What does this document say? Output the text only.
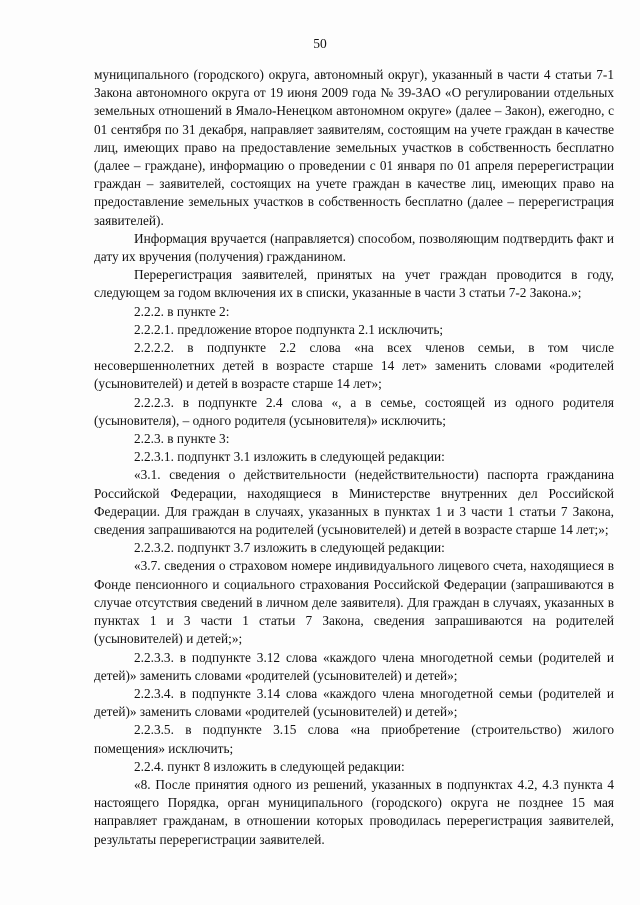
50

муниципального (городского) округа, автономный округ), указанный в части 4 статьи 7-1 Закона автономного округа от 19 июня 2009 года № 39-ЗАО «О регулировании отдельных земельных отношений в Ямало-Ненецком автономном округе» (далее – Закон), ежегодно, с 01 сентября по 31 декабря, направляет заявителям, состоящим на учете граждан в качестве лиц, имеющих право на предоставление земельных участков в собственность бесплатно (далее – граждане), информацию о проведении с 01 января по 01 апреля перерегистрации граждан – заявителей, состоящих на учете граждан в качестве лиц, имеющих право на предоставление земельных участков в собственность бесплатно (далее – перерегистрация заявителей).

Информация вручается (направляется) способом, позволяющим подтвердить факт и дату их вручения (получения) гражданином.

Перерегистрация заявителей, принятых на учет граждан проводится в году, следующем за годом включения их в списки, указанные в части 3 статьи 7-2 Закона.»;

2.2.2. в пункте 2:

2.2.2.1. предложение второе подпункта 2.1 исключить;

2.2.2.2. в подпункте 2.2 слова «на всех членов семьи, в том числе несовершеннолетних детей в возрасте старше 14 лет» заменить словами «родителей (усыновителей) и детей в возрасте старше 14 лет»;

2.2.2.3. в подпункте 2.4 слова «, а в семье, состоящей из одного родителя (усыновителя), – одного родителя (усыновителя)» исключить;

2.2.3. в пункте 3:

2.2.3.1. подпункт 3.1 изложить в следующей редакции:

«3.1. сведения о действительности (недействительности) паспорта гражданина Российской Федерации, находящиеся в Министерстве внутренних дел Российской Федерации. Для граждан в случаях, указанных в пунктах 1 и 3 части 1 статьи 7 Закона, сведения запрашиваются на родителей (усыновителей) и детей в возрасте старше 14 лет;»;

2.2.3.2. подпункт 3.7 изложить в следующей редакции:

«3.7. сведения о страховом номере индивидуального лицевого счета, находящиеся в Фонде пенсионного и социального страхования Российской Федерации (запрашиваются в случае отсутствия сведений в личном деле заявителя). Для граждан в случаях, указанных в пунктах 1 и 3 части 1 статьи 7 Закона, сведения запрашиваются на родителей (усыновителей) и детей;»;

2.2.3.3. в подпункте 3.12 слова «каждого члена многодетной семьи (родителей и детей)» заменить словами «родителей (усыновителей) и детей»;

2.2.3.4. в подпункте 3.14 слова «каждого члена многодетной семьи (родителей и детей)» заменить словами «родителей (усыновителей) и детей»;

2.2.3.5. в подпункте 3.15 слова «на приобретение (строительство) жилого помещения» исключить;

2.2.4. пункт 8 изложить в следующей редакции:

«8. После принятия одного из решений, указанных в подпунктах 4.2, 4.3 пункта 4 настоящего Порядка, орган муниципального (городского) округа не позднее 15 мая направляет гражданам, в отношении которых проводилась перерегистрация заявителей, результаты перерегистрации заявителей.
